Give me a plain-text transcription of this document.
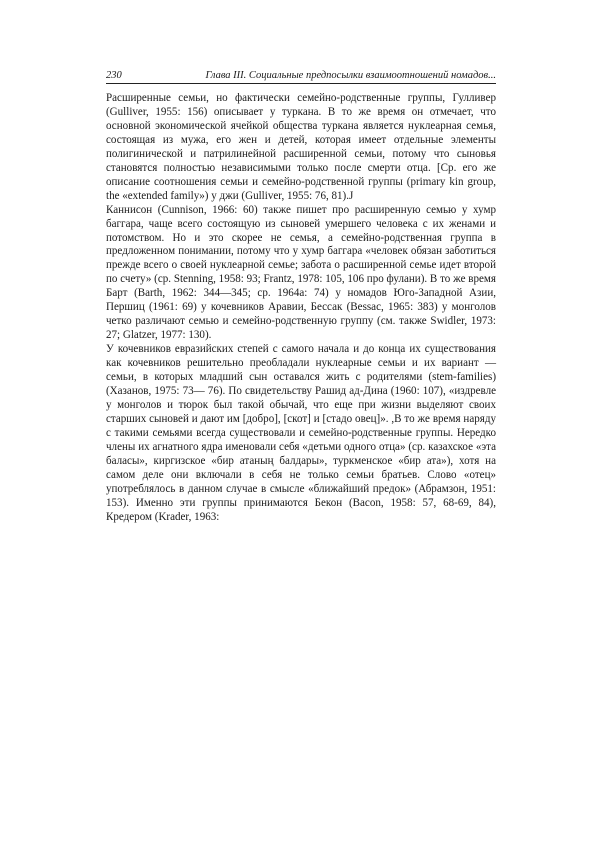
230	Глава III. Социальные предпосылки взаимоотношений номадов...

Расширенные семьи, но фактически семейно-родственные группы, Гулливер (Gulliver, 1955: 156) описывает у туркана. В то же время он отмечает, что основной экономической ячейкой общества туркана является нуклеарная семья, состоящая из мужа, его жен и детей, которая имеет отдельные элементы полигинической и патрилинейной расширенной семьи, потому что сыновья становятся полностью независимыми только после смерти отца. [Ср. его же описание соотношения семьи и семейно-родственной группы (primary kin group, the «extended family») у джи (Gulliver, 1955: 76, 81).J

Каннисон (Cunnison, 1966: 60) также пишет про расширенную семью у хумр баггара, чаще всего состоящую из сыновей умершего человека с их женами и потомством. Но и это скорее не семья, а семейно-родственная группа в предложенном понимании, потому что у хумр баггара «человек обязан заботиться прежде всего о своей нуклеарной семье; забота о расширенной семье идет второй по счету» (ср. Stenning, 1958: 93; Frantz, 1978: 105, 106 про фулани). В то же время Барт (Barth, 1962: 344—345; ср. 1964а: 74) у номадов Юго-Западной Азии, Першиц (1961: 69) у кочевников Аравии, Бессак (Bessac, 1965: 383) у монголов четко различают семью и семейно-родственную группу (см. также Swidler, 1973: 27; Glatzer, 1977: 130).

У кочевников евразийских степей с самого начала и до конца их существования как кочевников решительно преобладали нуклеарные семьи и их вариант — семьи, в которых младший сын оставался жить с родителями (stem-families) (Хазанов, 1975: 73— 76). По свидетельству Рашид ад-Дина (1960: 107), «издревле у монголов и тюрок был такой обычай, что еще при жизни выделяют своих старших сыновей и дают им [добро], [скот] и [стадо овец]». ,В то же время наряду с такими семьями всегда существовали и семейно-родственные группы. Нередко члены их агнатного ядра именовали себя «детьми одного отца» (ср. казахское «эта баласы», киргизское «бир атаның балдары», туркменское «бир ата»), хотя на самом деле они включали в себя не только семьи братьев. Слово «отец» употреблялось в данном случае в смысле «ближайший предок» (Абрамзон, 1951: 153). Именно эти группы принимаются Бекон (Bacon, 1958: 57, 68-69, 84), Кредером (Krader, 1963:
